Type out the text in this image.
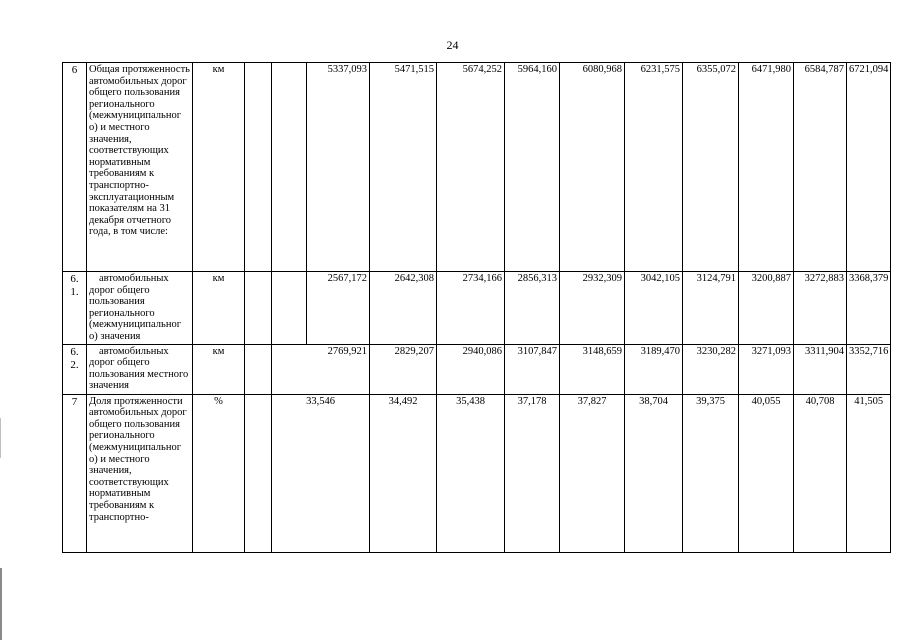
24
6	Общая протяженность автомобильных дорог общего пользования регионального (межмуниципальног о) и местного значения, соответствующих нормативным требованиям к транспортно-эксплуатационным показателям на 31 декабря отчетного года, в том числе:	км			5337,093	5471,515	5674,252	5964,160	6080,968	6231,575	6355,072	6471,980	6584,787	6721,094
6. 1.	автомобильных дорог общего пользования регионального (межмуниципальног о) значения	км			2567,172	2642,308	2734,166	2856,313	2932,309	3042,105	3124,791	3200,887	3272,883	3368,379
6. 2.	автомобильных дорог общего пользования местного значения	км		2769,921		2829,207	2940,086	3107,847	3148,659	3189,470	3230,282	3271,093	3311,904	3352,716
7	Доля протяженности автомобильных дорог общего пользования регионального (межмуниципальног о) и местного значения, соответствующих нормативным требованиям к транспортно-	%		33,546		34,492	35,438	37,178	37,827	38,704	39,375	40,055	40,708	41,505
